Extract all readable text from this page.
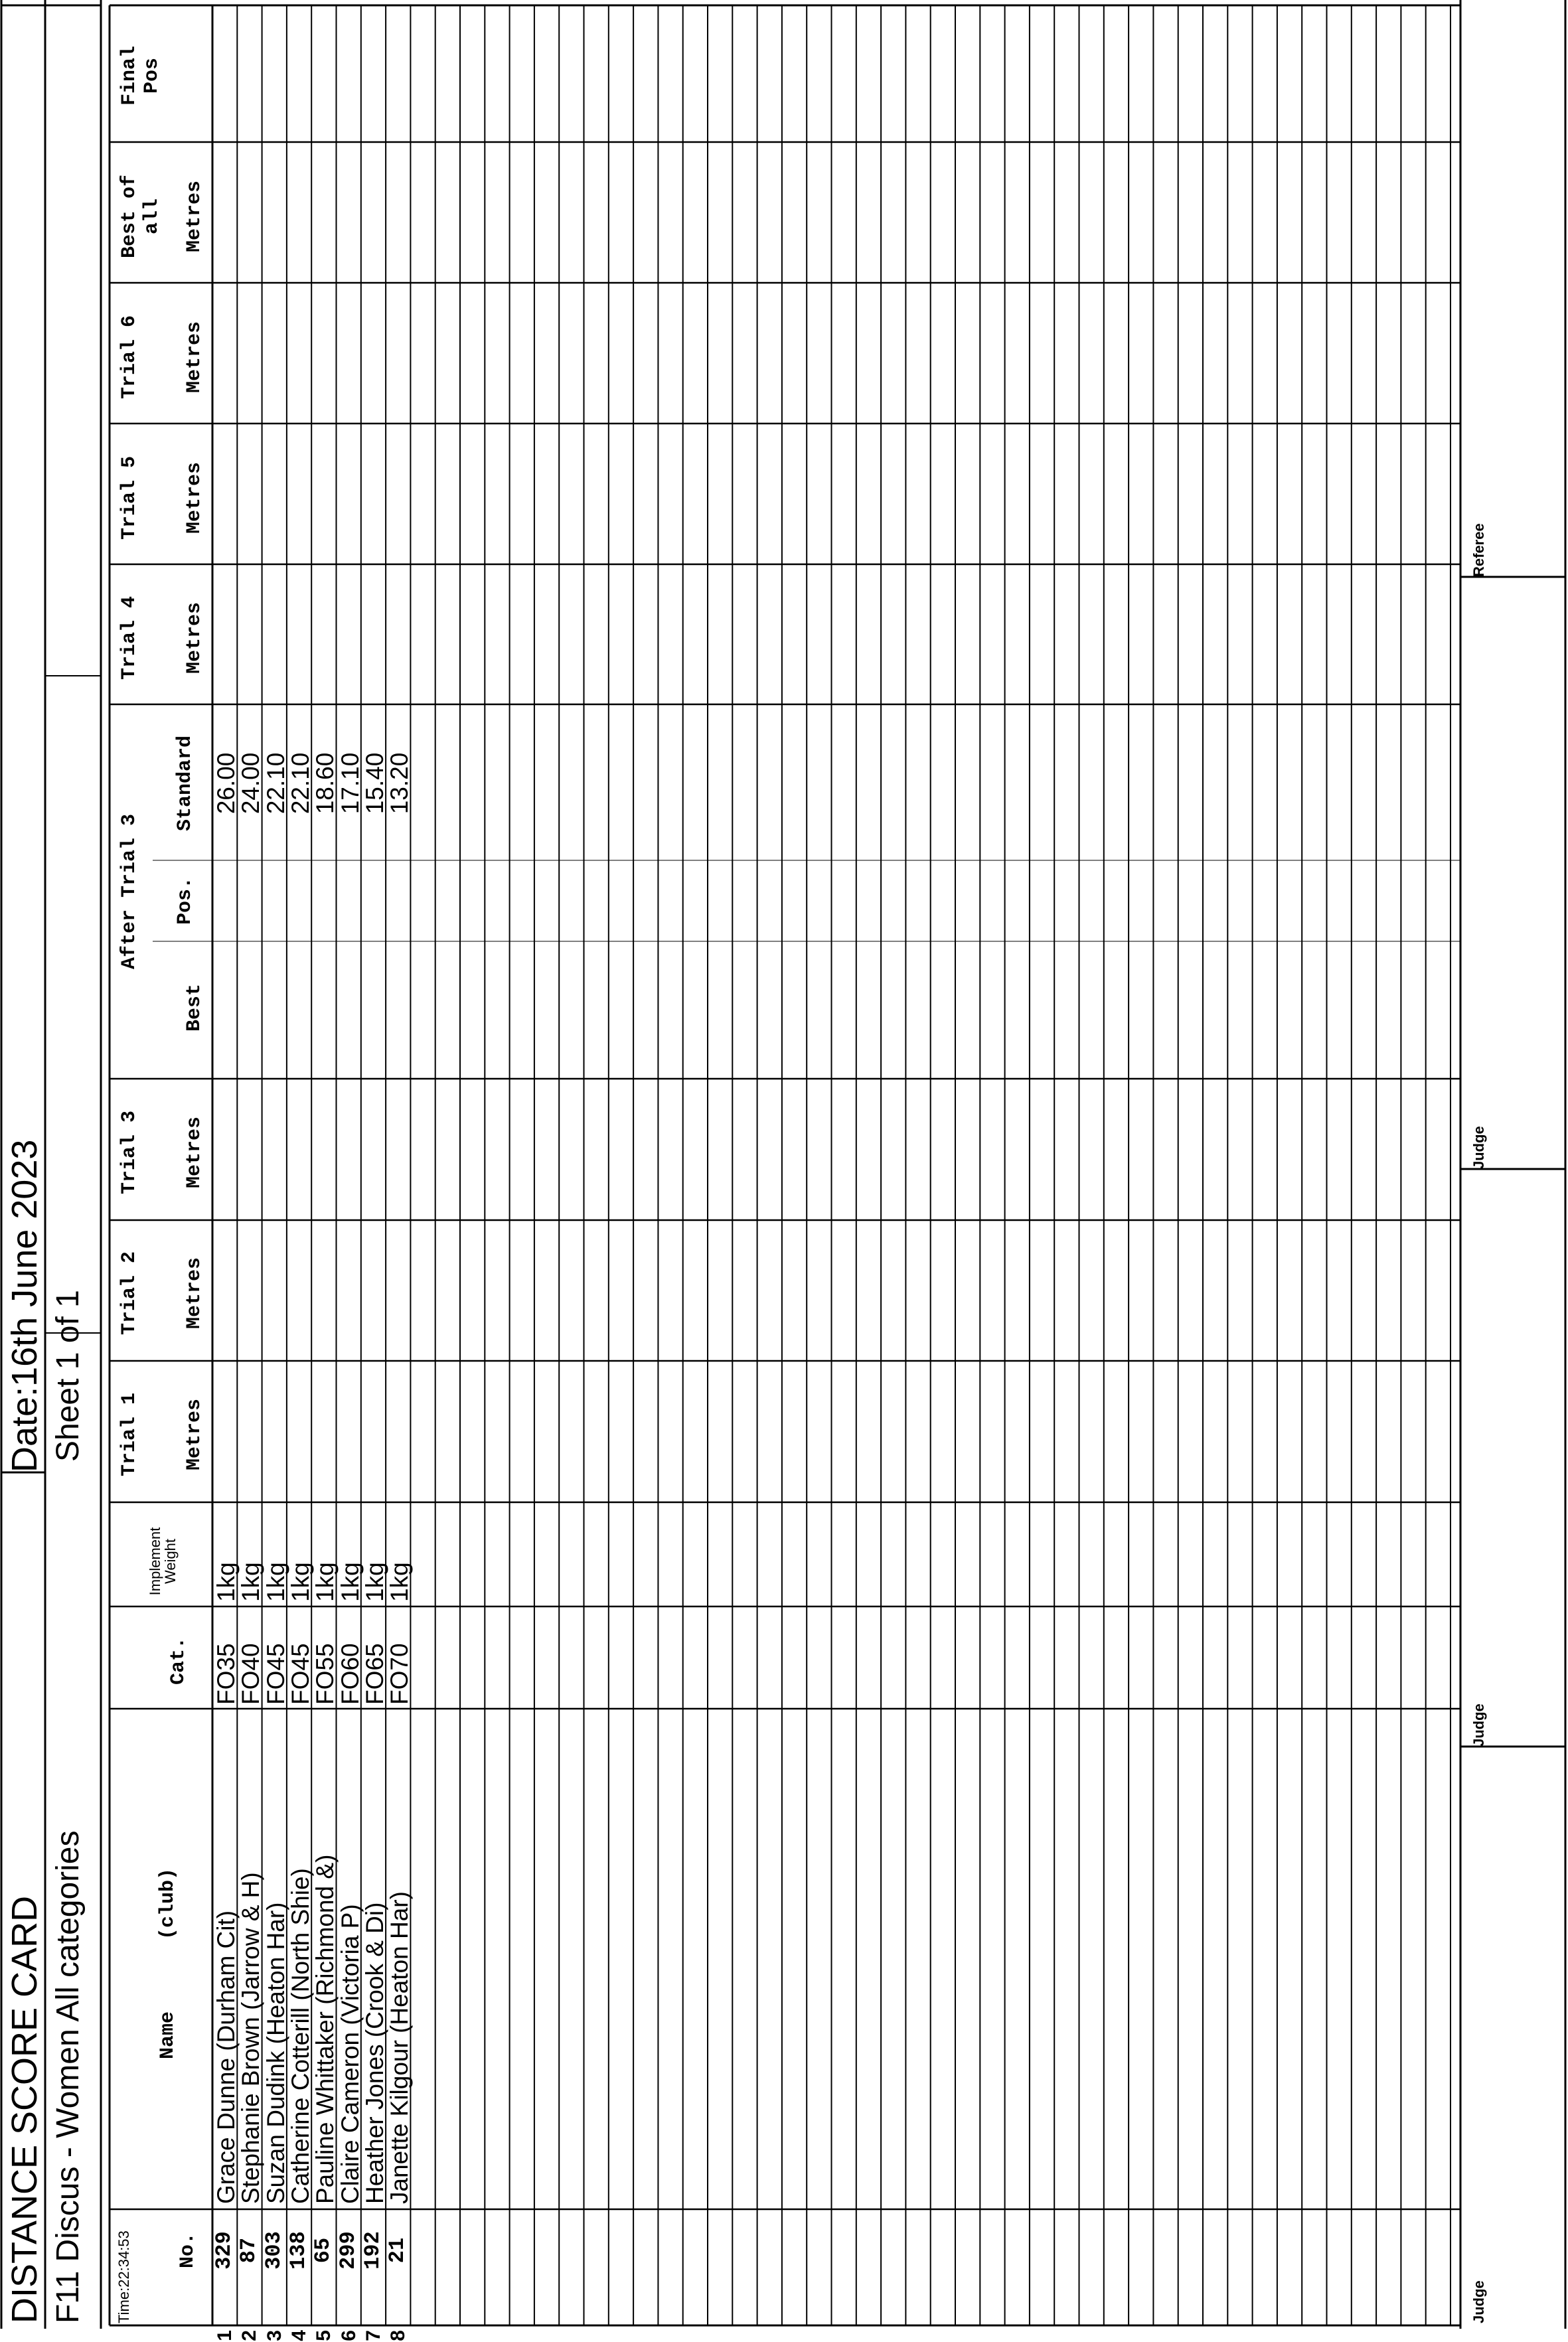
DISTANCE SCORE CARD
Date:16th June 2023
F11 Discus - Women All categories
Sheet 1 of 1
No.
Name      (club)
Cat.
Implement Weight
Trial 1 Metres
Trial 2 Metres
Trial 3 Metres
After Trial 3
Best
Pos.
Standard
Trial 4 Metres
Trial 5 Metres
Trial 6 Metres
Best of all Metres
Final Pos
1
329
Grace Dunne (Durham Cit)
FO35
1kg
26.00
2
87
Stephanie Brown (Jarrow & H)
FO40
1kg
24.00
3
303
Suzan Dudink (Heaton Har)
FO45
1kg
22.10
4
138
Catherine Cotterill (North Shie)
FO45
1kg
22.10
5
65
Pauline Whittaker (Richmond &)
FO55
1kg
18.60
6
299
Claire Cameron (Victoria P)
FO60
1kg
17.10
7
192
Heather Jones (Crook & Di)
FO65
1kg
15.40
8
21
Janette Kilgour (Heaton Har)
FO70
1kg
13.20
Judge
Judge
Judge
Referee
Time:22:34:53
